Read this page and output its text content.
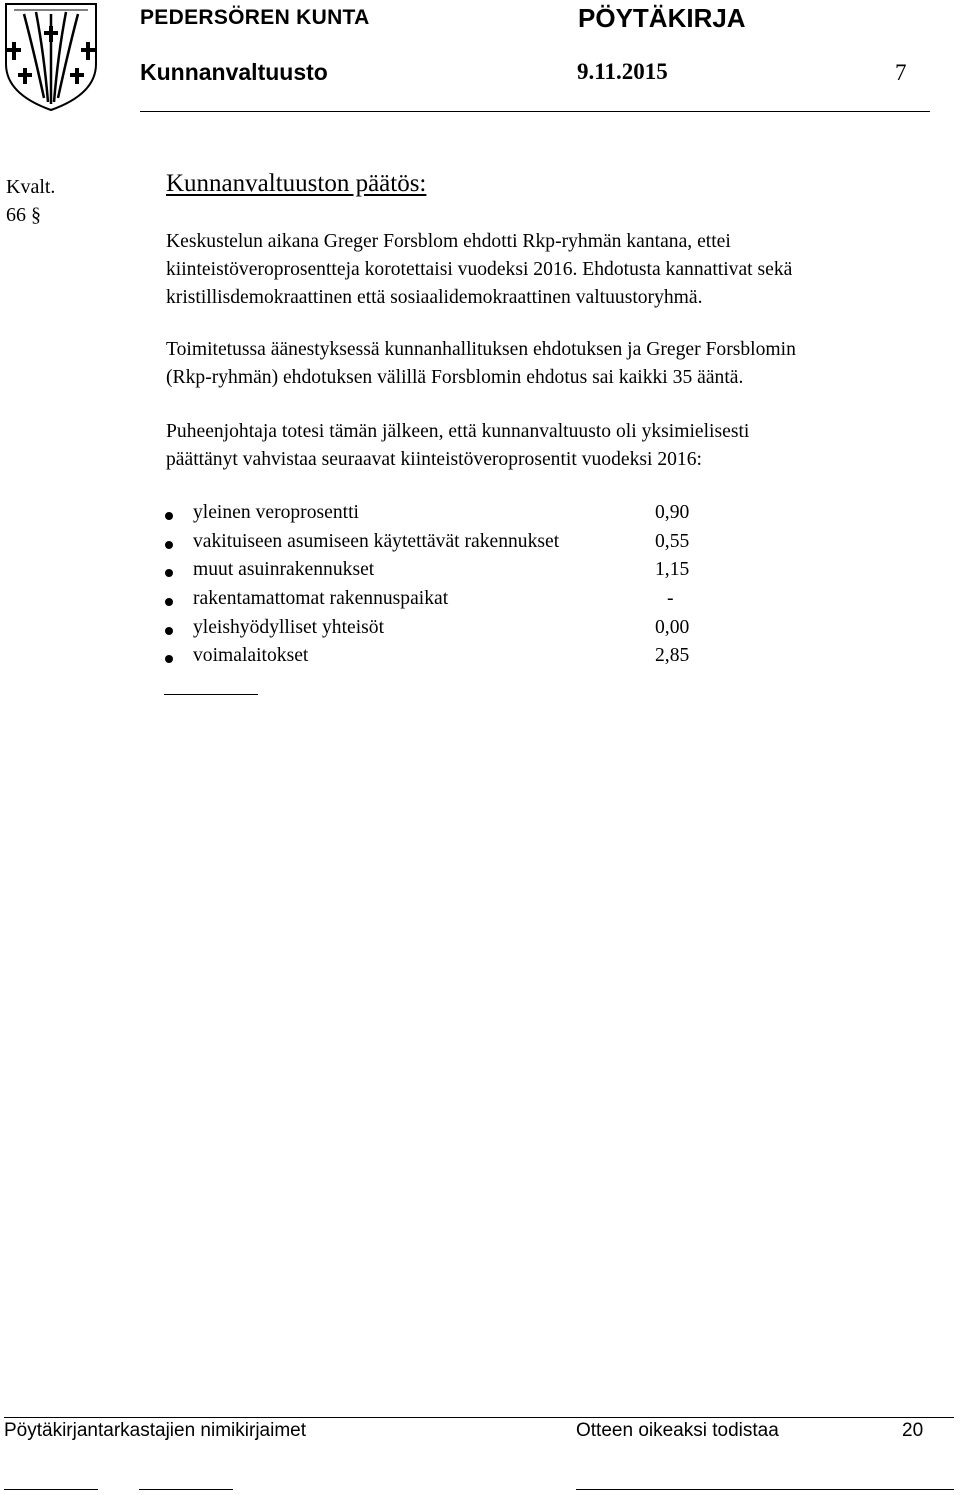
PEDERSÖREN KUNTA	PÖYTÄKIRJA
Kunnanvaltuusto	9.11.2015	7
Kvalt.
66 §
Kunnanvaltuuston päätös:
Keskustelun aikana Greger Forsblom ehdotti Rkp-ryhmän kantana, ettei
kiinteistöveroprosentteja korotettaisi vuodeksi 2016. Ehdotusta kannattivat sekä
kristillisdemokraattinen että sosiaalidemokraattinen valtuustoryhmä.
Toimitetussa äänestyksessä kunnanhallituksen ehdotuksen ja Greger Forsblomin
(Rkp-ryhmän) ehdotuksen välillä Forsblomin ehdotus sai kaikki 35 ääntä.
Puheenjohtaja totesi tämän jälkeen, että kunnanvaltuusto oli yksimielisesti
päättänyt vahvistaa seuraavat kiinteistöveroprosentit vuodeksi 2016:
yleinen veroprosentti	0,90
vakituiseen asumiseen käytettävät rakennukset	0,55
muut asuinrakennukset	1,15
rakentamattomat rakennuspaikat	-
yleishyödylliset yhteisöt	0,00
voimalaitokset	2,85
Pöytäkirjantarkastajien nimikirjaimet	Otteen oikeaksi todistaa	20
